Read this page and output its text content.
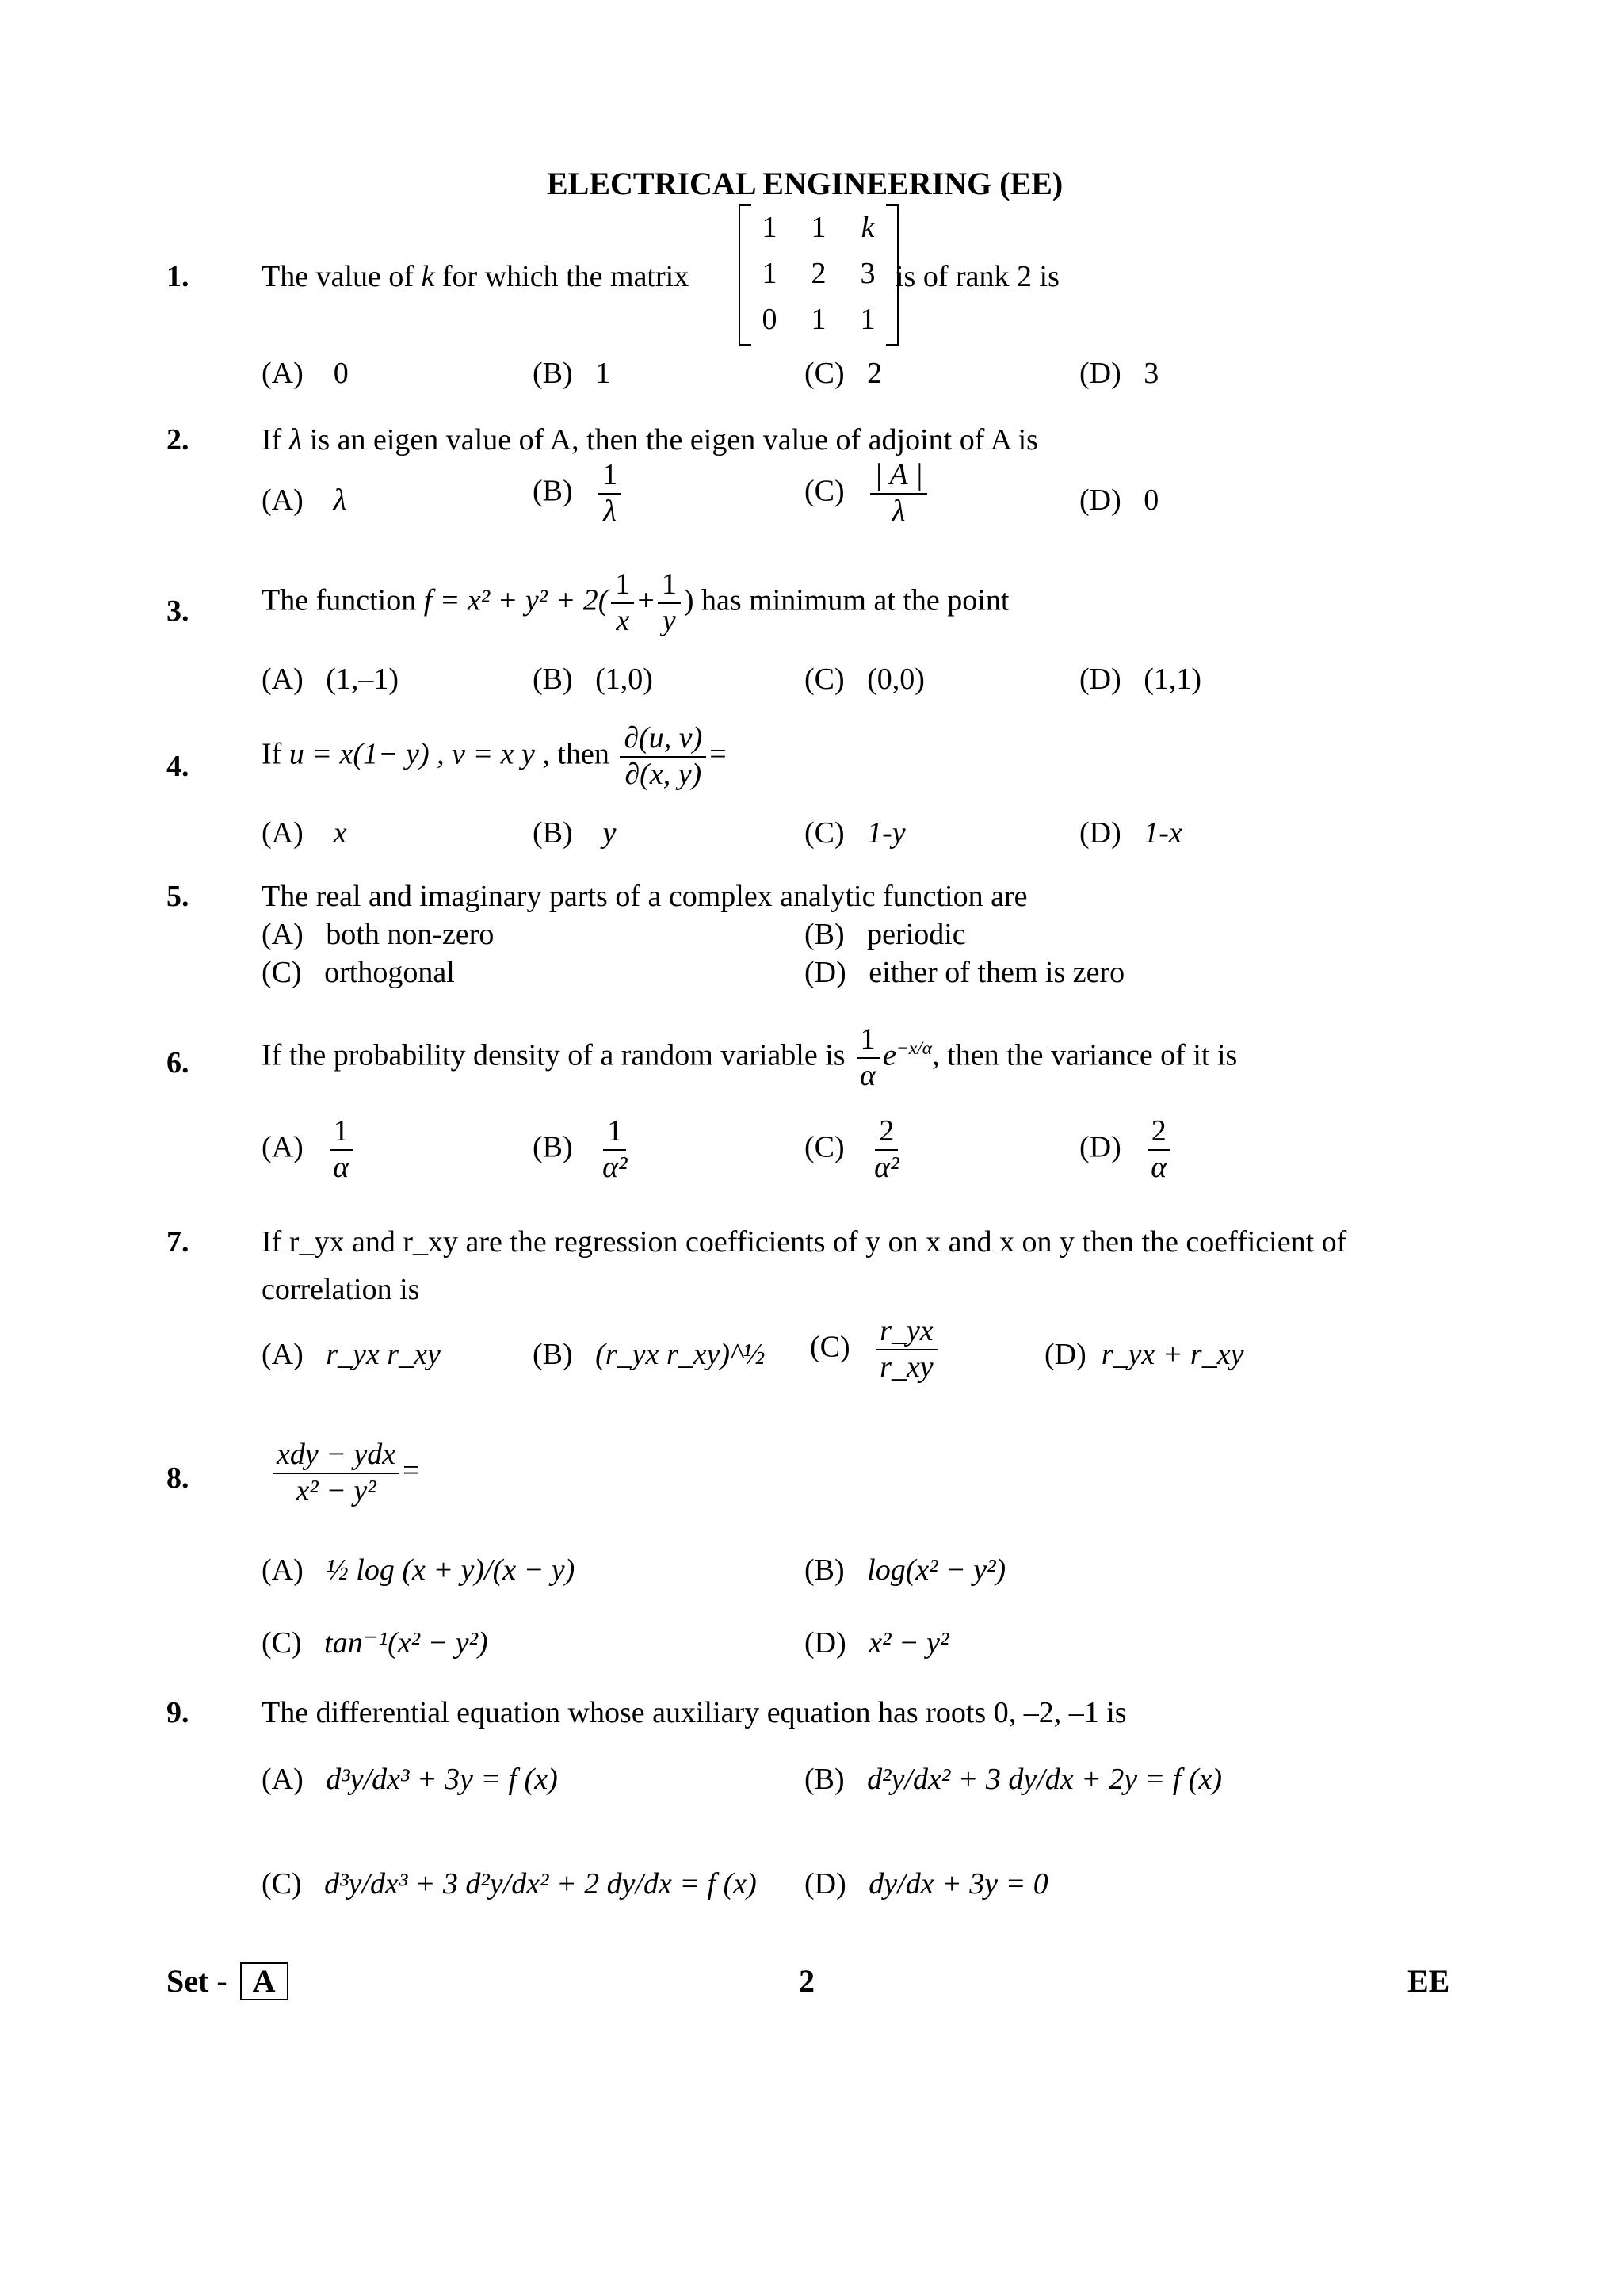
ELECTRICAL ENGINEERING (EE)
1. The value of k for which the matrix
1 1 k
1 2 3
0 1 1
is of rank 2 is
(A) 0	(B) 1	(C) 2	(D) 3
2. If λ is an eigen value of A, then the eigen value of adjoint of A is
(A) λ	$(B) \frac{1}{\lambda}$	$(C) \frac{| A |}{\lambda}$	(D) 0
3. The function $f = x^2 + y^2 + 2( \frac{1}{x} + \frac{1}{y}$ ) has minimum at the point
(A) (1,–1)	(B) (1,0)	(C) (0,0)	(D) (1,1)
4. If u = x(1− y) , v = x y , then $\frac{\partial(u, v)}{\partial(x, y)}$ =
(A) x	(B) y	(C) 1-y	(D) 1-x
5. The real and imaginary parts of a complex analytic function are
(A) both non-zero	(B) periodic
(C) orthogonal	(D) either of them is zero
6. If the probability density of a random variable is $\frac{1}{\alpha} e^{-x/\alpha}$, then the variance of it is
$(A) \frac{1}{\alpha}$	$(B) \frac{1}{\text{α²}}$	$(C) \frac{2}{\text{α²}}$	$(D) \frac{2}{\alpha}$
7. If r_yx and r_xy are the regression coefficients of y on x and x on y then the coefficient of
correlation is
(A) r_yx r_xy	(B) (r_yx r_xy)^½ $(C) \frac{r\_yx}{r\_xy}$	(D) r_yx + r_xy
8.	$\frac{\text{xdy − ydx}}{\text{x² − y²}}$ =
(A) ½ log (x + y)/(x − y)	(B) log(x² − y²)
(C) tan⁻¹(x² − y²)	(D) x² − y²
9. The differential equation whose auxiliary equation has roots 0, –2, –1 is
(A) d³y/dx³ + 3y = f (x)	(B) d²y/dx² + 3 dy/dx + 2y = f (x)
(C) d³y/dx³ + 3 d²y/dx² + 2 dy/dx = f (x) (D) dy/dx + 3y = 0
Set - A	2	EE
